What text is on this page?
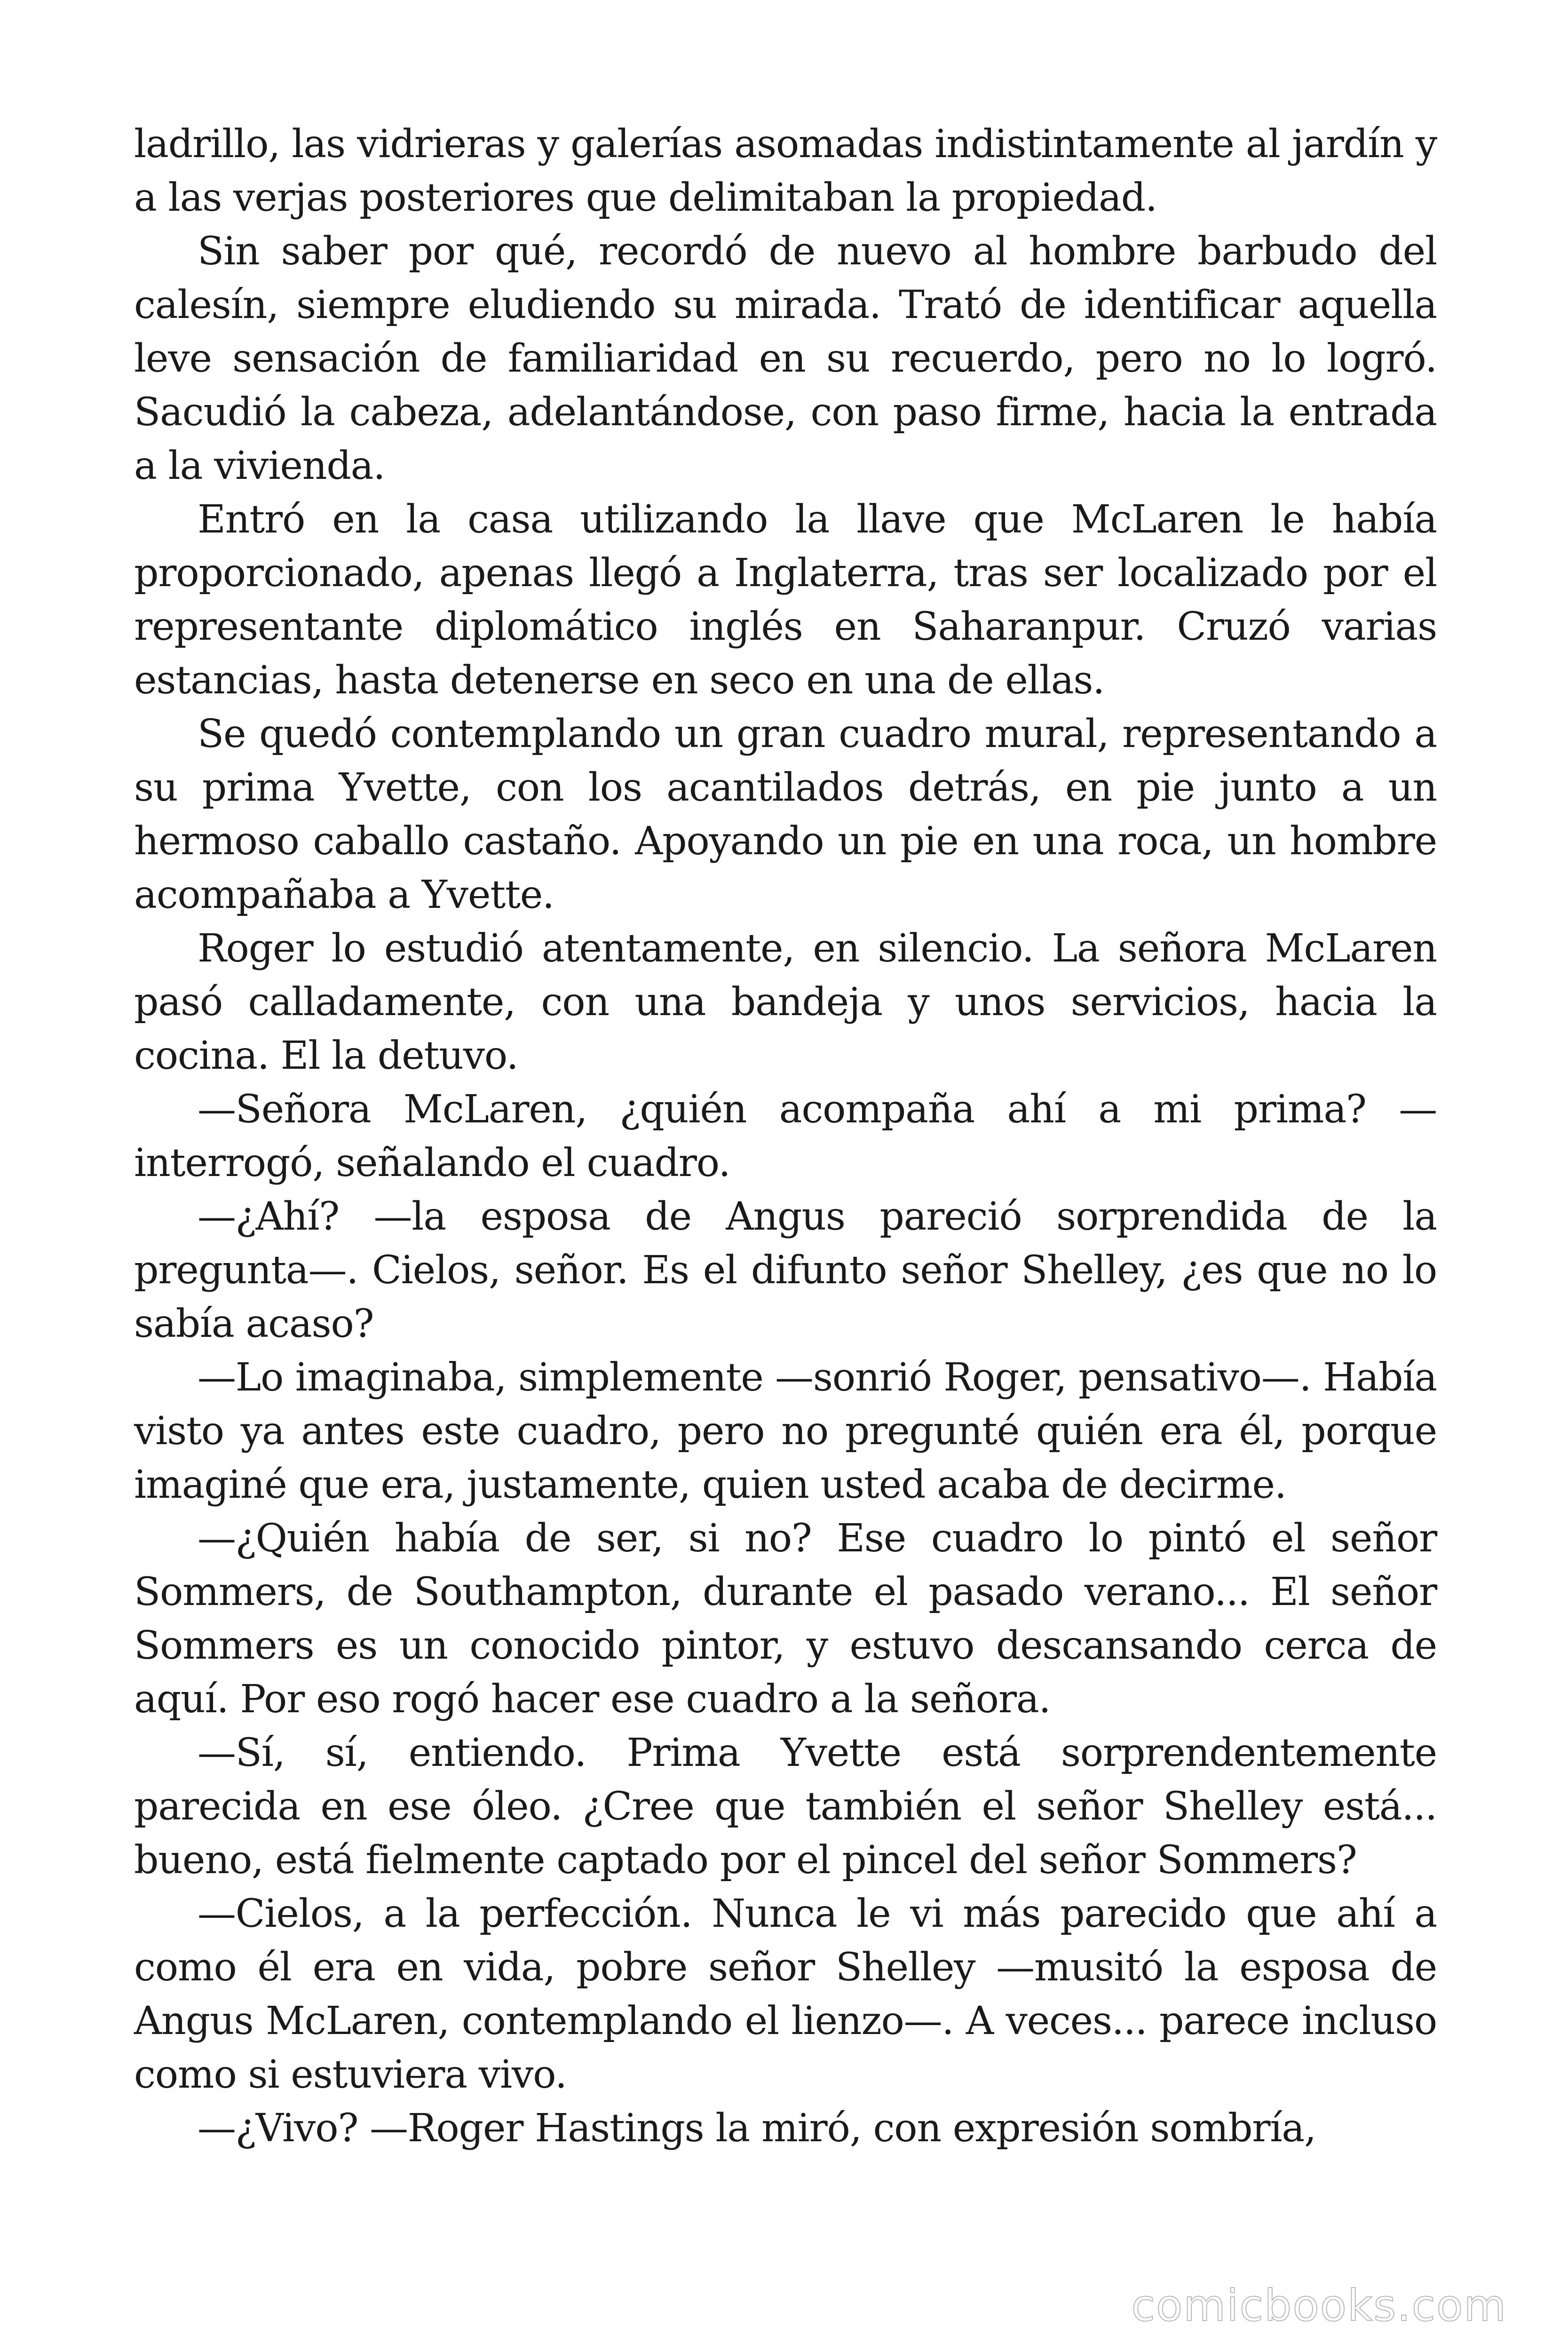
ladrillo, las vidrieras y galerías asomadas indistintamente al jardín y a las verjas posteriores que delimitaban la propiedad.

Sin saber por qué, recordó de nuevo al hombre barbudo del calesín, siempre eludiendo su mirada. Trató de identificar aquella leve sensación de familiaridad en su recuerdo, pero no lo logró. Sacudió la cabeza, adelantándose, con paso firme, hacia la entrada a la vivienda.

Entró en la casa utilizando la llave que McLaren le había proporcionado, apenas llegó a Inglaterra, tras ser localizado por el representante diplomático inglés en Saharanpur. Cruzó varias estancias, hasta detenerse en seco en una de ellas.

Se quedó contemplando un gran cuadro mural, representando a su prima Yvette, con los acantilados detrás, en pie junto a un hermoso caballo castaño. Apoyando un pie en una roca, un hombre acompañaba a Yvette.

Roger lo estudió atentamente, en silencio. La señora McLaren pasó calladamente, con una bandeja y unos servicios, hacia la cocina. El la detuvo.

—Señora McLaren, ¿quién acompaña ahí a mi prima? —interrogó, señalando el cuadro.

—¿Ahí? —la esposa de Angus pareció sorprendida de la pregunta—. Cielos, señor. Es el difunto señor Shelley, ¿es que no lo sabía acaso?

—Lo imaginaba, simplemente —sonrió Roger, pensativo—. Había visto ya antes este cuadro, pero no pregunté quién era él, porque imaginé que era, justamente, quien usted acaba de decirme.

—¿Quién había de ser, si no? Ese cuadro lo pintó el señor Sommers, de Southampton, durante el pasado verano... El señor Sommers es un conocido pintor, y estuvo descansando cerca de aquí. Por eso rogó hacer ese cuadro a la señora.

—Sí, sí, entiendo. Prima Yvette está sorprendentemente parecida en ese óleo. ¿Cree que también el señor Shelley está... bueno, está fielmente captado por el pincel del señor Sommers?

—Cielos, a la perfección. Nunca le vi más parecido que ahí a como él era en vida, pobre señor Shelley —musitó la esposa de Angus McLaren, contemplando el lienzo—. A veces... parece incluso como si estuviera vivo.

—¿Vivo? —Roger Hastings la miró, con expresión sombría,

comicbooks.com
